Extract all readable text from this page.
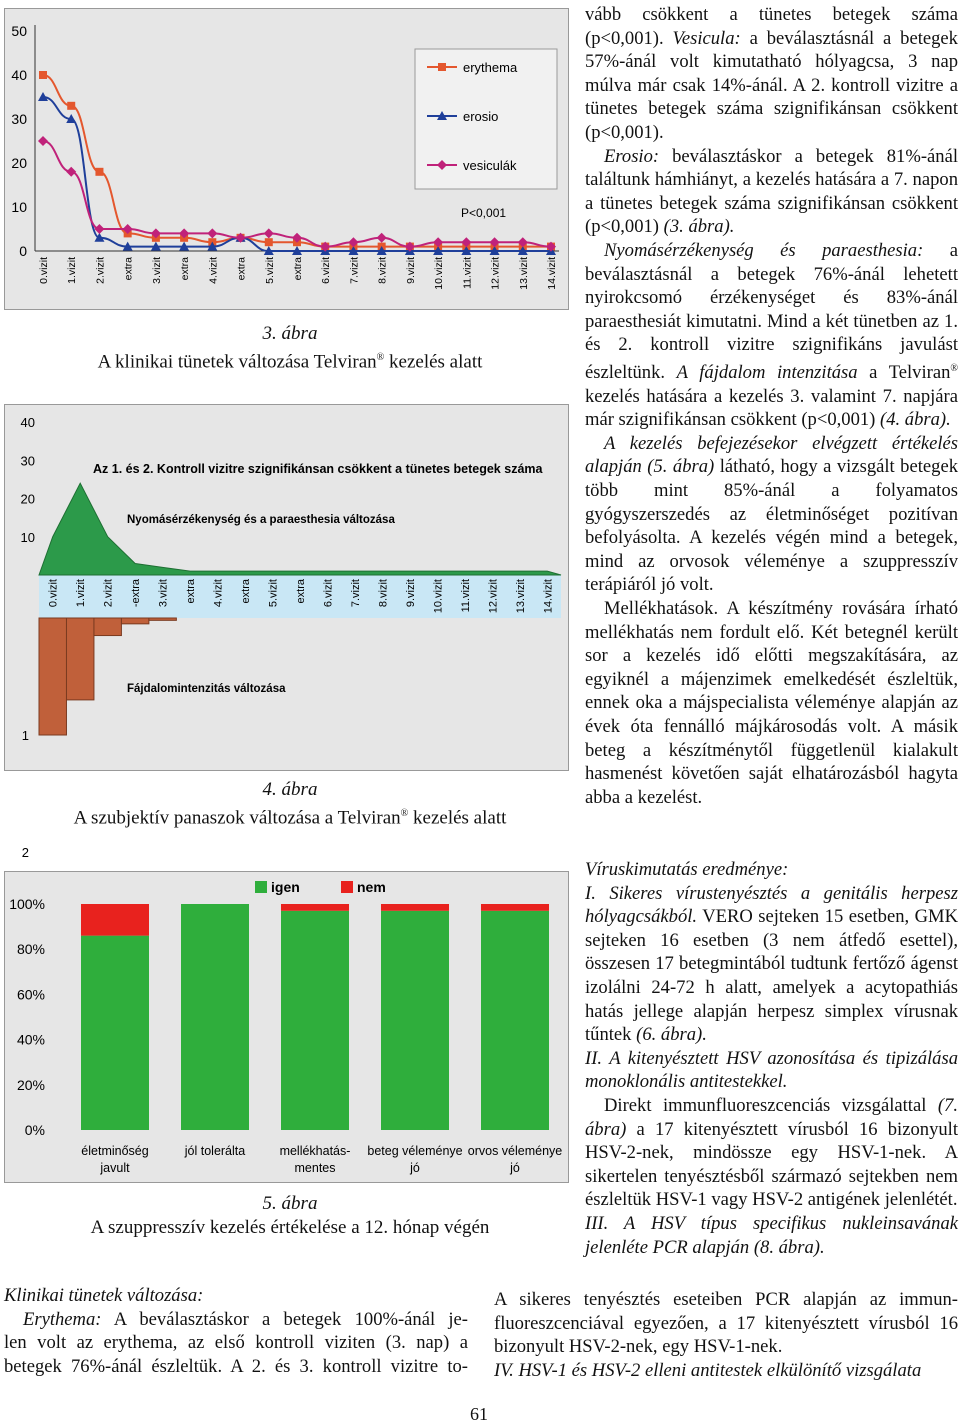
0
10
20
30
40
50
0.vizit 1.vizit 2.vizit extra 3.vizit extra 4.vizit extra 5.vizit extra 6.vizit 7.vizit 8.vizit 9.vizit 10.vizit 11.vizit 12.vizit 13.vizit 14.vizit
erythema
erosio
vesiculák
P<0,001
3. ábra
A klinikai tünetek változása Telviran® kezelés alatt
10
20
30
40
0.vizit 1.vizit 2.vizit -extra 3.vizit extra 4.vizit extra 5.vizit extra 6.vizit 7.vizit 8.vizit 9.vizit 10.vizit 11.vizit 12.vizit 13.vizit 14.vizit
1
2
Az 1. és 2. Kontroll vizitre szignifikánsan csökkent a tünetes betegek száma
Nyomásérzékenység és a paraesthesia változása
Fájdalomintenzitás változása
4. ábra
A szubjektív panaszok változása a Telviran® kezelés alatt
0%
20%
40%
60%
80%
100%
életminőség
javult
jól tolerálta	mellékhatás-
mentes
beteg véleménye
jó
orvos véleménye
jó
igen	nem
5. ábra
A szuppresszív kezelés értékelése a 12. hónap végén

Klinikai tünetek változása:

Erythema: A beválasztáskor a betegek 100%-ánál je-

len volt az erythema, az első kontroll viziten (3. nap) a

betegek 76%-ánál észleltük. A 2. és 3. kontroll vizitre to-

vább csökkent a tünetes betegek száma (p<0,001). Vesicula: a beválasztásnál a betegek 57%-ánál volt kimutatható hólyagcsa, 3 nap múlva már csak 14%-ánál. A 2. kontroll vizitre a tünetes betegek száma szignifikánsan csökkent (p<0,001).

Erosio: beválasztáskor a betegek 81%-ánál találtunk hámhiányt, a kezelés hatására a 7. napon a tünetes betegek száma szignifikánsan csökkent (p<0,001) (3. ábra).

Nyomásérzékenység és paraesthesia: a beválasztásnál a betegek 76%-ánál lehetett nyirokcsomó érzékenységet és 83%-ánál paraesthesiát kimutatni. Mind a két tünetben az 1. és 2. kontroll vizitre szignifikáns javulást észleltünk. A fájdalom intenzitása a Telviran® kezelés hatására a kezelés 3. valamint 7. napjára már szignifikánsan csökkent (p<0,001) (4. ábra).

A kezelés befejezésekor elvégzett értékelés alapján (5. ábra) látható, hogy a vizsgált betegek több mint 85%-ánál a folyamatos gyógyszerszedés az életminőséget pozitívan befolyásolta. A kezelés végén mind a betegek, mind az orvosok véleménye a szuppresszív terápiáról jó volt.

Mellékhatások. A készítmény rovására írható mellékhatás nem fordult elő. Két betegnél került sor a kezelés idő előtti megszakítására, az egyiknél a májenzimek emelkedését észleltük, ennek oka a májspecialista véleménye alapján az évek óta fennálló májkárosodás volt. A másik beteg a készítménytől függetlenül kialakult hasmenést követően saját elhatározásból hagyta abba a kezelést.

Víruskimutatás eredménye:

I. Sikeres vírustenyésztés a genitális herpesz hólyagcsákból. VERO sejteken 15 esetben, GMK sejteken 16 esetben (3 nem átfedő esettel), összesen 17 betegmintából tudtunk fertőző ágenst izolálni 24-72 h alatt, amelyek a acytopathiás hatás jellege alapján herpesz simplex vírusnak tűntek (6. ábra).

II. A kitenyésztett HSV azonosítása és tipizálása monoklonális antitestekkel.

Direkt immunfluoreszcenciás vizsgálattal (7. ábra) a 17 kitenyésztett vírusból 16 bizonyult HSV-2-nek, mindössze egy HSV-1-nek. A sikertelen tenyésztésből származó sejtekben nem észleltük HSV-1 vagy HSV-2 antigének jelenlétét.

III. A HSV típus specifikus nukleinsavának jelenléte PCR alapján (8. ábra).

A sikeres tenyésztés eseteiben PCR alapján az immun-fluoreszcenciával egyezően, a 17 kitenyésztett vírusból 16 bizonyult HSV-2-nek, egy HSV-1-nek.

IV. HSV-1 és HSV-2 elleni antitestek elkülönítő vizsgálata

61
